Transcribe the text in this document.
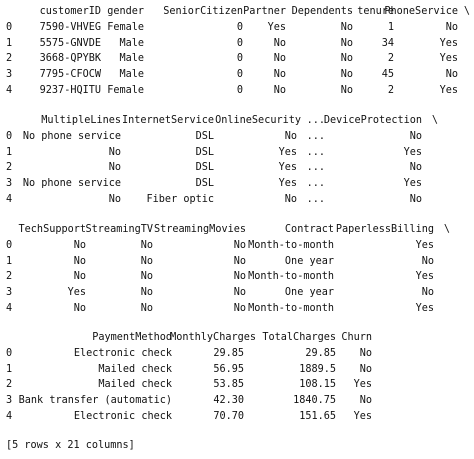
[5 rows x 21 columns]
customerID gender SeniorCitizen Partner Dependents tenure
PhoneService \
0	7590-VHVEG Female	0 Yes	No	1	No
1	5575-GNVDE Male	0	No	No	34	Yes
2	3668-QPYBK Male	0	No	No	2	Yes
3	7795-CFOCW Male	0	No	No	45	No
4	9237-HQITU Female	0	No	No	2	Yes
MultipleLines InternetService OnlineSecurity ...
DeviceProtection \
0 No phone service	DSL	No ...	No
1	No	DSL	Yes ...	Yes
2	No	DSL	Yes ...	No
3 No phone service	DSL	Yes ...	Yes
4	No	Fiber optic	No ...	No
TechSupport StreamingTV StreamingMovies	Contract PaperlessBilling \
0	No	No	No Month-to-month	Yes
1	No	No	No	One year	No
2	No	No	No Month-to-month	Yes
3	Yes	No	No	One year	No
4	No	No	No Month-to-month	Yes
PaymentMethod
MonthlyCharges TotalCharges Churn
0	Electronic check	29.85	29.85 No
1	Mailed check	56.95	1889.5 No
2	Mailed check	53.85	108.15 Yes
3 Bank transfer (automatic)	42.30	1840.75 No
4	Electronic check	70.70	151.65 Yes
